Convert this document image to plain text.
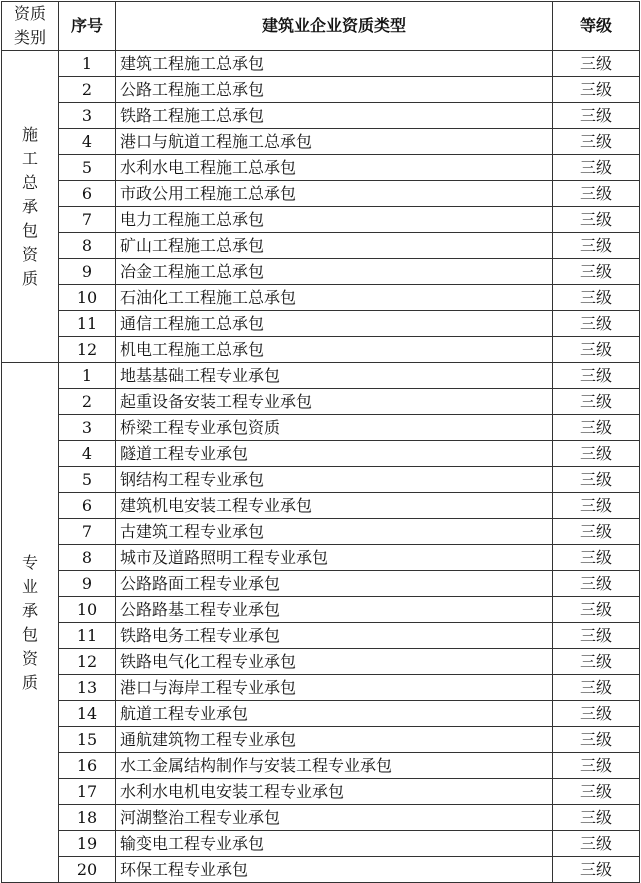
资质类别	序号	建筑业企业资质类型	等级
施工总承包资质	1	建筑工程施工总承包	三级
	2	公路工程施工总承包	三级
	3	铁路工程施工总承包	三级
	4	港口与航道工程施工总承包	三级
	5	水利水电工程施工总承包	三级
	6	市政公用工程施工总承包	三级
	7	电力工程施工总承包	三级
	8	矿山工程施工总承包	三级
	9	冶金工程施工总承包	三级
	10	石油化工工程施工总承包	三级
	11	通信工程施工总承包	三级
	12	机电工程施工总承包	三级
专业承包资质	1	地基基础工程专业承包	三级
	2	起重设备安装工程专业承包	三级
	3	桥梁工程专业承包资质	三级
	4	隧道工程专业承包	三级
	5	钢结构工程专业承包	三级
	6	建筑机电安装工程专业承包	三级
	7	古建筑工程专业承包	三级
	8	城市及道路照明工程专业承包	三级
	9	公路路面工程专业承包	三级
	10	公路路基工程专业承包	三级
	11	铁路电务工程专业承包	三级
	12	铁路电气化工程专业承包	三级
	13	港口与海岸工程专业承包	三级
	14	航道工程专业承包	三级
	15	通航建筑物工程专业承包	三级
	16	水工金属结构制作与安装工程专业承包	三级
	17	水利水电机电安装工程专业承包	三级
	18	河湖整治工程专业承包	三级
	19	输变电工程专业承包	三级
	20	环保工程专业承包	三级
